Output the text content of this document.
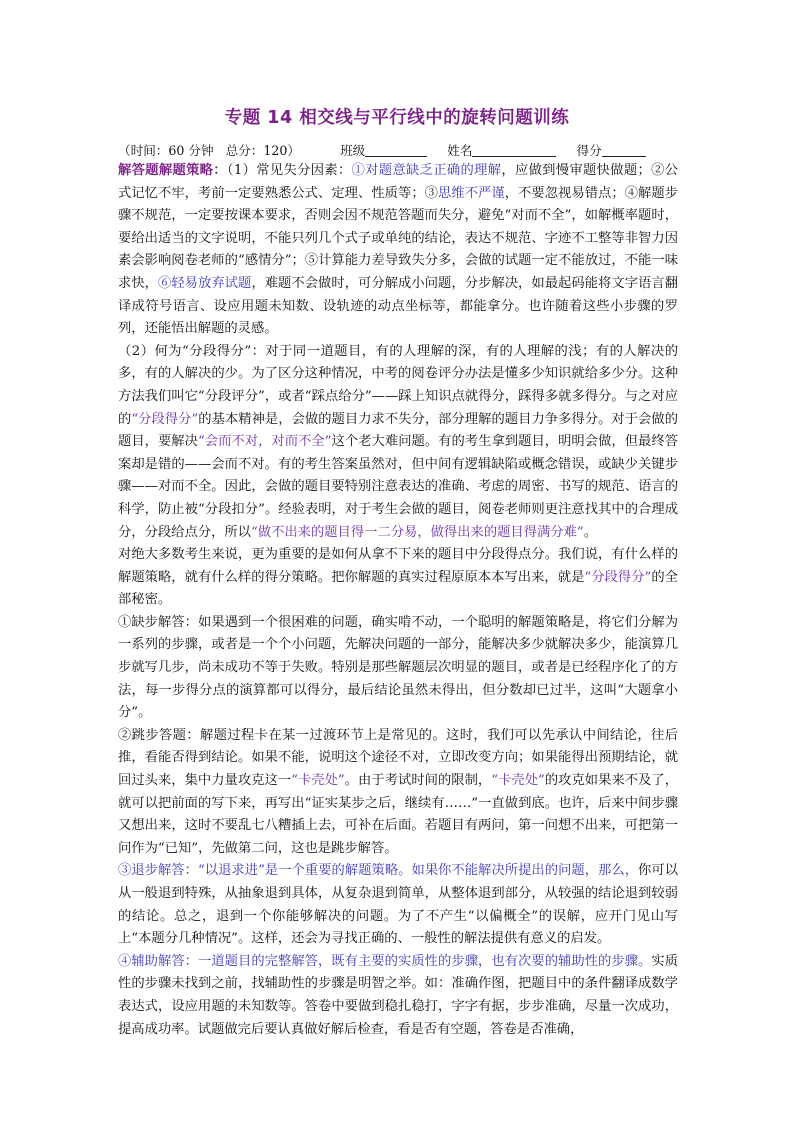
专题 14 相交线与平行线中的旋转问题训练
（时间：60 分钟   总分：120）	班级	姓名	得分

解答题解题策略：（1）常见失分因素：①对题意缺乏正确的理解，应做到慢审题快做题；②公式记忆不牢，考前一定要熟悉公式、定理、性质等；③思维不严谨，不要忽视易错点；④解题步骤不规范，一定要按课本要求，否则会因不规范答题而失分，避免“对而不全”，如解概率题时，要给出适当的文字说明，不能只列几个式子或单纯的结论，表达不规范、字迹不工整等非智力因素会影响阅卷老师的“感情分”；⑤计算能力差导致失分多，会做的试题一定不能放过，不能一味求快，⑥轻易放弃试题，难题不会做时，可分解成小问题，分步解决，如最起码能将文字语言翻译成符号语言、设应用题未知数、设轨迹的动点坐标等，都能拿分。也许随着这些小步骤的罗列，还能悟出解题的灵感。

（2）何为“分段得分”：对于同一道题目，有的人理解的深，有的人理解的浅；有的人解决的多，有的人解决的少。为了区分这种情况，中考的阅卷评分办法是懂多少知识就给多少分。这种方法我们叫它“分段评分”，或者“踩点给分”——踩上知识点就得分，踩得多就多得分。与之对应的“分段得分”的基本精神是，会做的题目力求不失分，部分理解的题目力争多得分。对于会做的题目，要解决“会而不对，对而不全”这个老大难问题。有的考生拿到题目，明明会做，但最终答案却是错的——会而不对。有的考生答案虽然对，但中间有逻辑缺陷或概念错误，或缺少关键步骤——对而不全。因此，会做的题目要特别注意表达的准确、考虑的周密、书写的规范、语言的科学，防止被“分段扣分”。经验表明，对于考生会做的题目，阅卷老师则更注意找其中的合理成分，分段给点分，所以“做不出来的题目得一二分易，做得出来的题目得满分难”。

对绝大多数考生来说，更为重要的是如何从拿不下来的题目中分段得点分。我们说，有什么样的解题策略，就有什么样的得分策略。把你解题的真实过程原原本本写出来，就是“分段得分”的全部秘密。

①缺步解答：如果遇到一个很困难的问题，确实啃不动，一个聪明的解题策略是，将它们分解为一系列的步骤，或者是一个个小问题，先解决问题的一部分，能解决多少就解决多少，能演算几步就写几步，尚未成功不等于失败。特别是那些解题层次明显的题目，或者是已经程序化了的方法，每一步得分点的演算都可以得分，最后结论虽然未得出，但分数却已过半，这叫“大题拿小分”。

②跳步答题：解题过程卡在某一过渡环节上是常见的。这时，我们可以先承认中间结论，往后推，看能否得到结论。如果不能，说明这个途径不对，立即改变方向；如果能得出预期结论，就回过头来，集中力量攻克这一“卡壳处”。由于考试时间的限制，“卡壳处”的攻克如果来不及了，就可以把前面的写下来，再写出“证实某步之后，继续有……”一直做到底。也许，后来中间步骤又想出来，这时不要乱七八糟插上去，可补在后面。若题目有两问，第一问想不出来，可把第一问作为“已知”，先做第二问，这也是跳步解答。

③退步解答：“以退求进”是一个重要的解题策略。如果你不能解决所提出的问题，那么，你可以从一般退到特殊，从抽象退到具体，从复杂退到简单，从整体退到部分，从较强的结论退到较弱的结论。总之，退到一个你能够解决的问题。为了不产生“以偏概全”的误解，应开门见山写上“本题分几种情况”。这样，还会为寻找正确的、一般性的解法提供有意义的启发。

④辅助解答：一道题目的完整解答，既有主要的实质性的步骤，也有次要的辅助性的步骤。实质性的步骤未找到之前，找辅助性的步骤是明智之举。如：准确作图，把题目中的条件翻译成数学表达式，设应用题的未知数等。答卷中要做到稳扎稳打，字字有据，步步准确，尽量一次成功，提高成功率。试题做完后要认真做好解后检查，看是否有空题，答卷是否准确，
